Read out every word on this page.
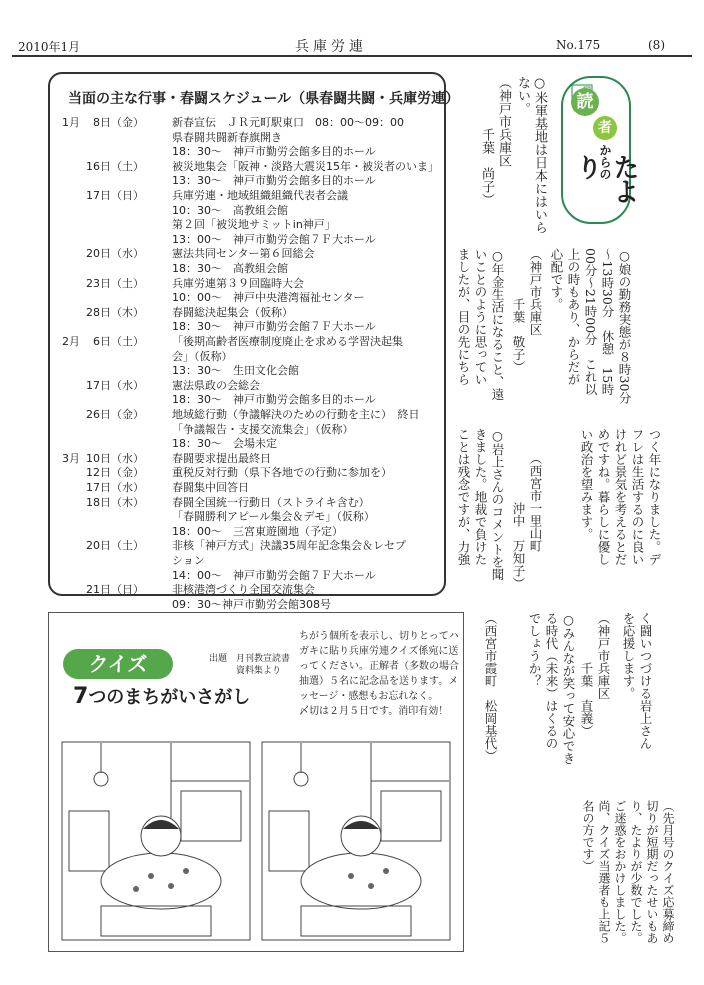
2010年1月	兵庫労連	No.175	(8)
当面の主な行事・春闘スケジュール（県春闘共闘・兵庫労連）
1月	8日（金）	新春宣伝　ＪＲ元町駅東口　08：00～09：00
県春闘共闘新春旗開き
18：30～　神戸市勤労会館多目的ホール
16日（土）	被災地集会「阪神・淡路大震災15年・被災者のいま」
13：30～　神戸市勤労会館多目的ホール
17日（日）	兵庫労連・地域組織組織代表者会議
10：30～　高教組会館
第２回「被災地サミットin神戸」
13：00～　神戸市勤労会館７Ｆ大ホール
20日（水）	憲法共同センター第６回総会
18：30～　高教組会館
23日（土）	兵庫労連第３９回臨時大会
10：00～　神戸中央港湾福祉センター
28日（木）	春闘総決起集会（仮称）
18：30～　神戸市勤労会館７Ｆ大ホール
2月	6日（土）	「後期高齢者医療制度廃止を求める学習決起集
会」（仮称）
13：30～　生田文化会館
17日（水）	憲法県政の会総会
18：30～　神戸市勤労会館多目的ホール
26日（金）	地域総行動（争議解決のための行動を主に）　終日
「争議報告・支援交流集会」（仮称）
18：30～　会場未定
3月 10日（水）	春闘要求提出最終日
12日（金）	重税反対行動（県下各地での行動に参加を）
17日（水）	春闘集中回答日
18日（木）	春闘全国統一行動日（ストライキ含む）
「春闘勝利アピール集会＆デモ」（仮称）
18：00～　三宮東遊園地（予定）
20日（土）	非核「神戸方式」決議35周年記念集会＆レセプ
ション
14：00～　神戸市勤労会館７Ｆ大ホール
21日（日）	非核港湾づくり全国交流集会
09：30～神戸市勤労会館308号
読
者
からの
たより
○米軍基地は日本にはいら
ない。
（神戸市兵庫区
　　　　千葉　尚子）
○娘の勤務実態が８時30分
～13時30分　休憩　15時
00分～21時00分　これ以
上の時もあり、からだが
心配です。
（神戸市兵庫区
　　　　千葉　敬子）
○年金生活になること、遠
いことのように思ってい
ましたが、目の先にちら
つく年になりました。デ
フレは生活するのに良い
けれど景気を考えるとだ
めですね。暮らしに優し
い政治を望みます。
（西宮市一里山町
　　　　沖中　万知子）
○岩上さんのコメントを聞
きました。地裁で負けた
ことは残念ですが、力強
く闘いつづける岩上さん
を応援します。
（神戸市兵庫区
　　　　千葉　直義）
○みんなが笑って安心でき
る時代（未来）はくるの
でしょうか？
（西宮市霞町　松岡基代）
（先月号のクイズ応募締め
切りが短期だったせいもあ
り、たよりが少数でした。
ご迷惑をおかけしました。
尚、クイズ当選者も上記５
名の方です）
クイズ
7つのまちがいさがし
出題　月刊教宣読書
　　　資料集より
ちがう個所を表示し、切りとってハガキに貼り兵庫労連クイズ係宛に送ってください。正解者（多数の場合抽選）５名に記念品を送ります。メッセージ・感想もお忘れなく。
〆切は２月５日です。消印有効！
